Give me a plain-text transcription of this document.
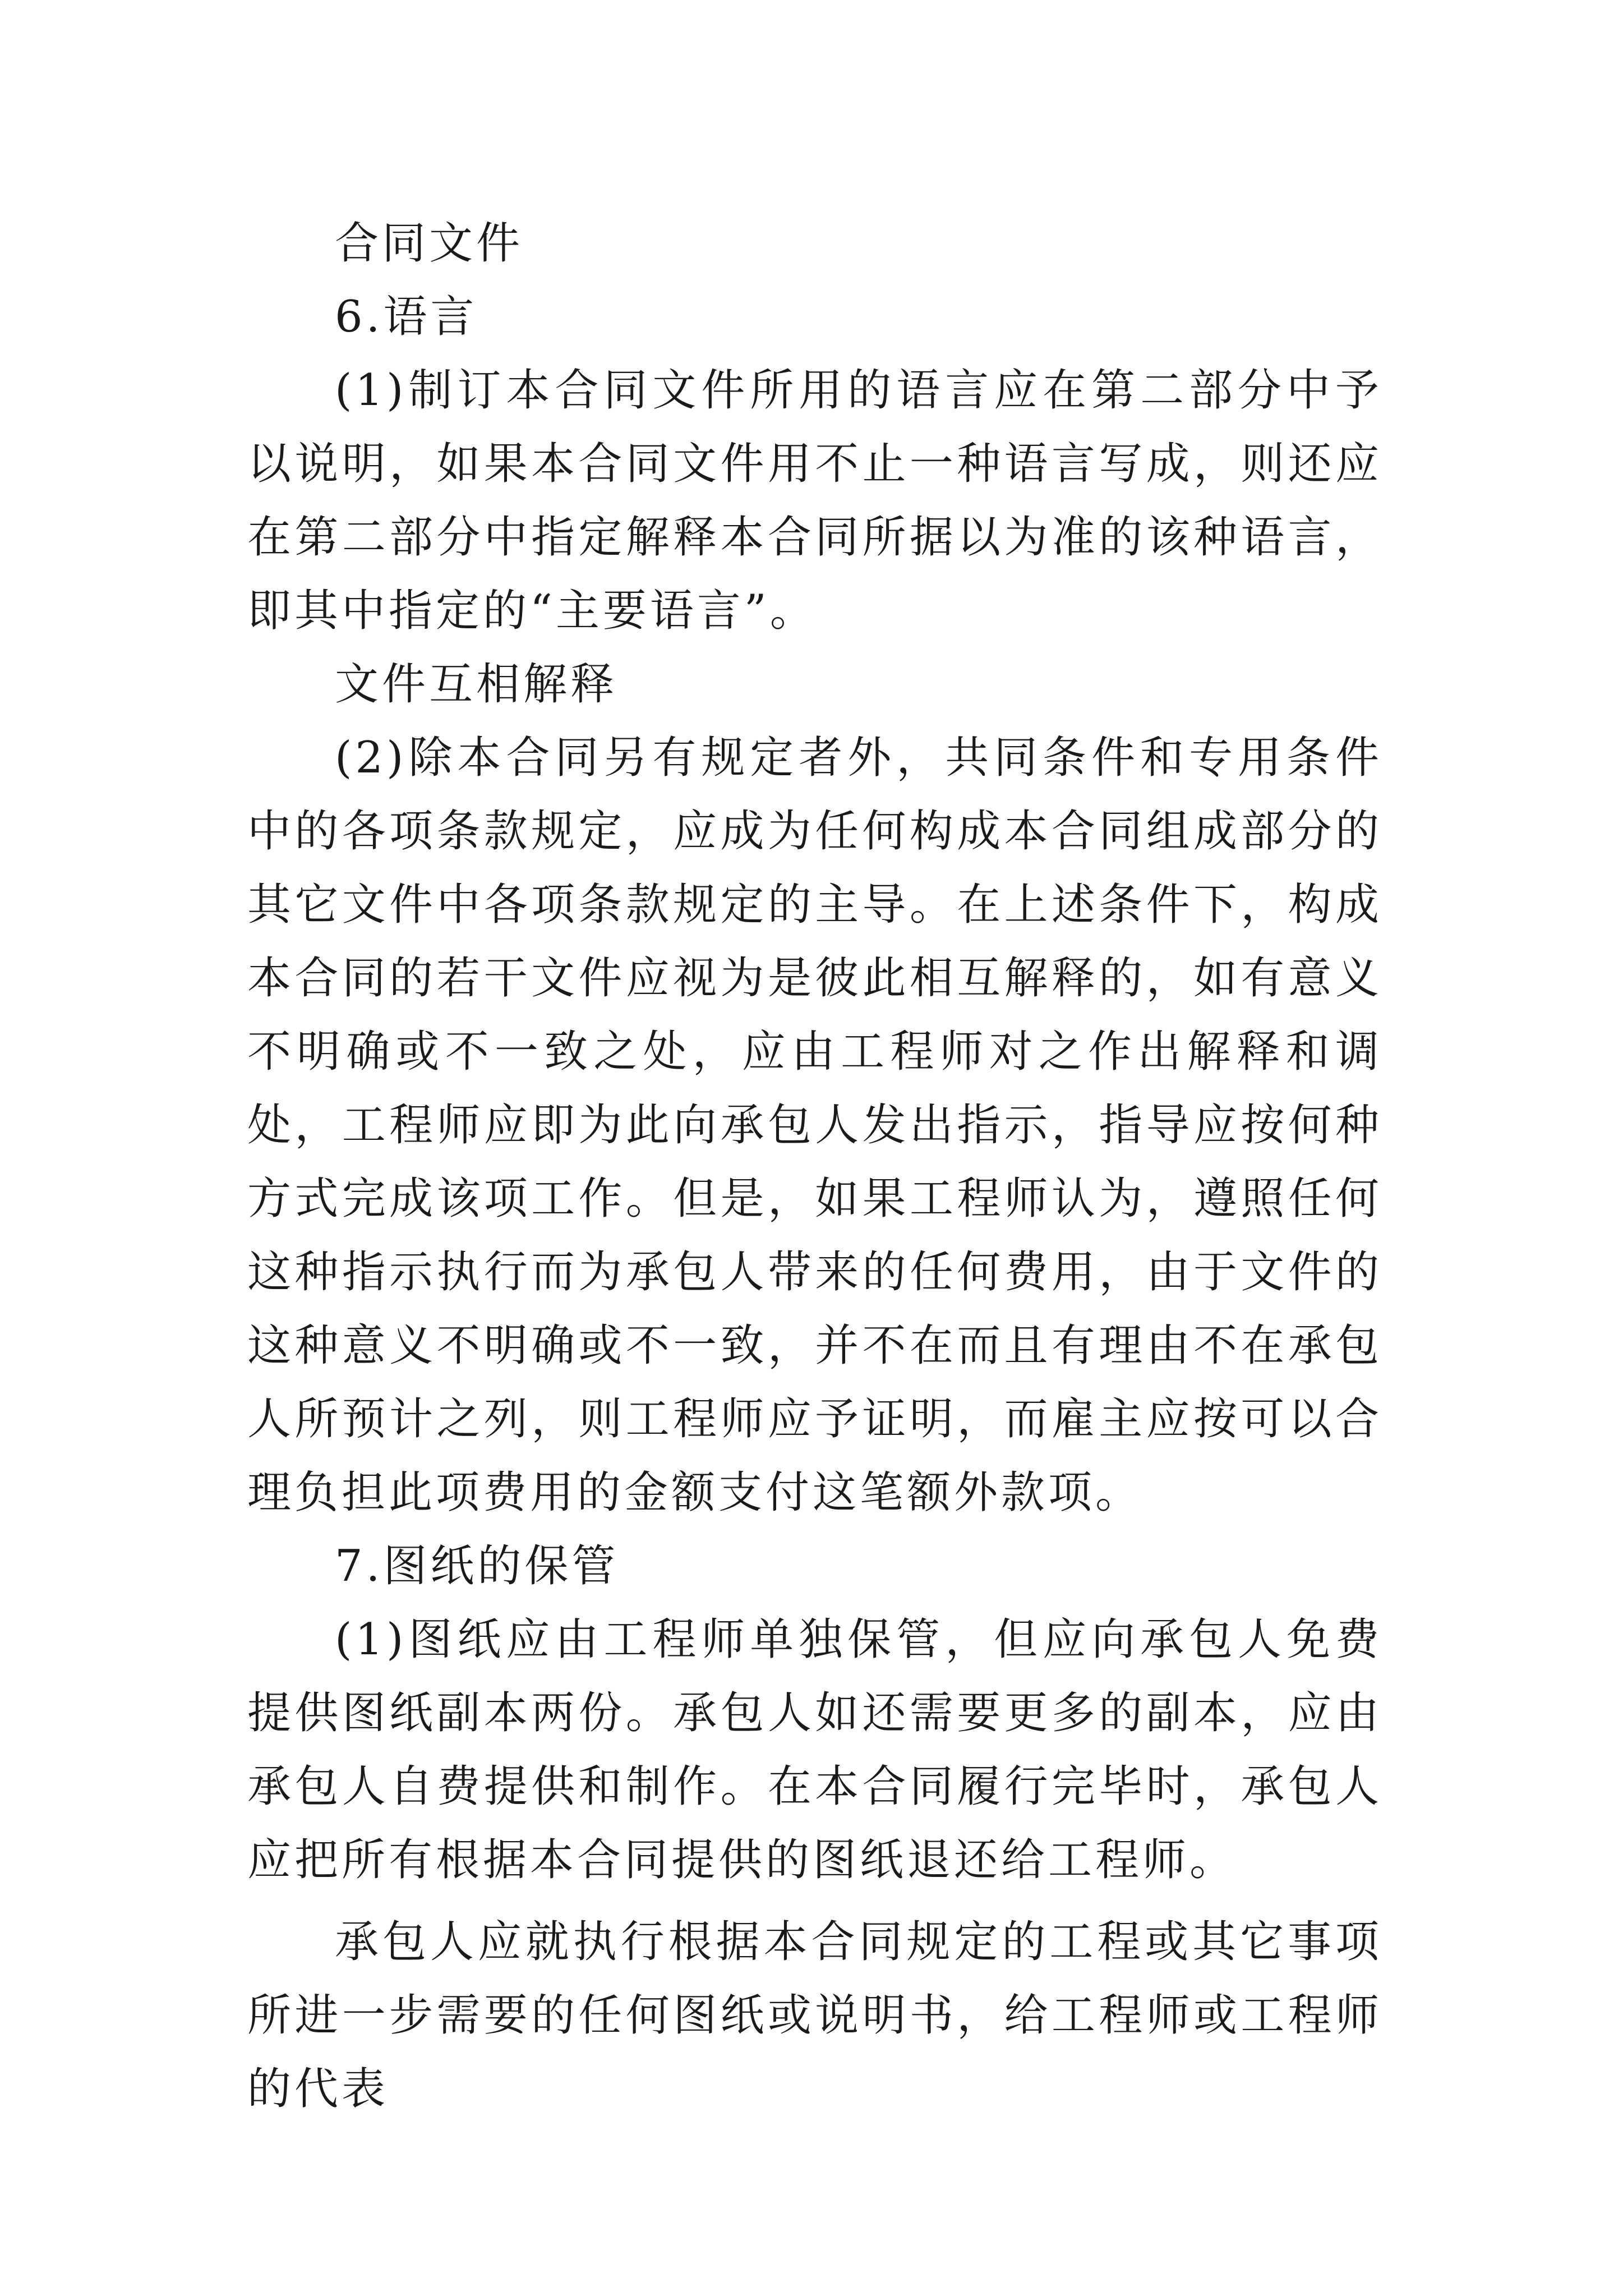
合同文件

6.语言

(1)制订本合同文件所用的语言应在第二部分中予以说明，如果本合同文件用不止一种语言写成，则还应在第二部分中指定解释本合同所据以为准的该种语言，即其中指定的“主要语言”。

文件互相解释

(2)除本合同另有规定者外，共同条件和专用条件中的各项条款规定，应成为任何构成本合同组成部分的其它文件中各项条款规定的主导。在上述条件下，构成本合同的若干文件应视为是彼此相互解释的，如有意义不明确或不一致之处，应由工程师对之作出解释和调处，工程师应即为此向承包人发出指示，指导应按何种方式完成该项工作。但是，如果工程师认为，遵照任何这种指示执行而为承包人带来的任何费用，由于文件的这种意义不明确或不一致，并不在而且有理由不在承包人所预计之列，则工程师应予证明，而雇主应按可以合理负担此项费用的金额支付这笔额外款项。

7.图纸的保管

(1)图纸应由工程师单独保管，但应向承包人免费提供图纸副本两份。承包人如还需要更多的副本，应由承包人自费提供和制作。在本合同履行完毕时，承包人应把所有根据本合同提供的图纸退还给工程师。

承包人应就执行根据本合同规定的工程或其它事项所进一步需要的任何图纸或说明书，给工程师或工程师的代表
